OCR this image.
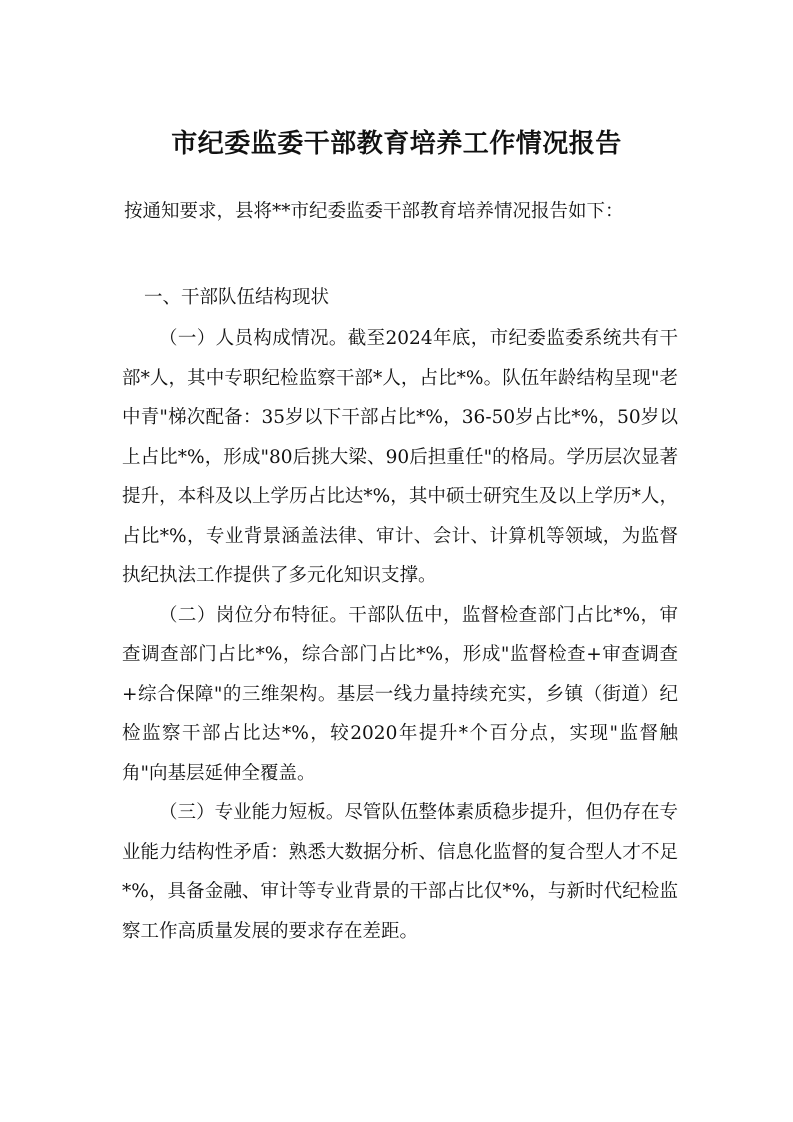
市纪委监委干部教育培养工作情况报告

按通知要求，县将**市纪委监委干部教育培养情况报告如下：

一、干部队伍结构现状

（一）人员构成情况。截至2024年底，市纪委监委系统共有干部*人，其中专职纪检监察干部*人，占比*%。队伍年龄结构呈现"老中青"梯次配备：35岁以下干部占比*%，36-50岁占比*%，50岁以上占比*%，形成"80后挑大梁、90后担重任"的格局。学历层次显著提升，本科及以上学历占比达*%，其中硕士研究生及以上学历*人，占比*%，专业背景涵盖法律、审计、会计、计算机等领域，为监督执纪执法工作提供了多元化知识支撑。

（二）岗位分布特征。干部队伍中，监督检查部门占比*%，审查调查部门占比*%，综合部门占比*%，形成"监督检查+审查调查+综合保障"的三维架构。基层一线力量持续充实，乡镇（街道）纪检监察干部占比达*%，较2020年提升*个百分点，实现"监督触角"向基层延伸全覆盖。

（三）专业能力短板。尽管队伍整体素质稳步提升，但仍存在专业能力结构性矛盾：熟悉大数据分析、信息化监督的复合型人才不足*%，具备金融、审计等专业背景的干部占比仅*%，与新时代纪检监察工作高质量发展的要求存在差距。
